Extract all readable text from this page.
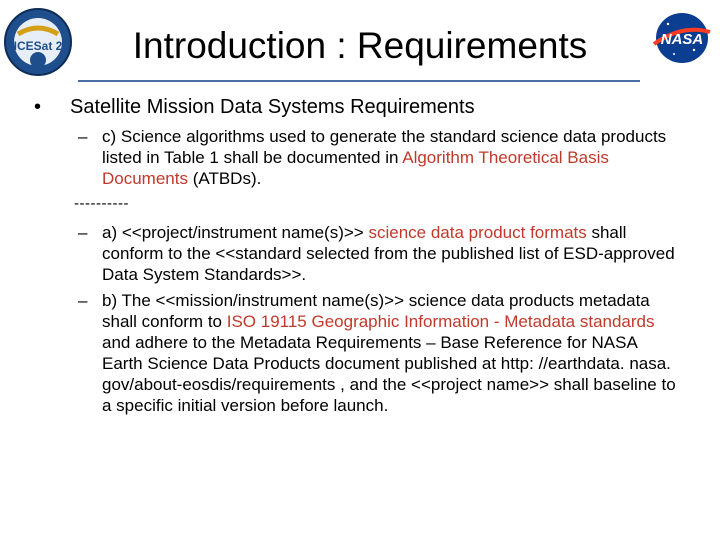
ICESat 2	Introduction : Requirements	NASA
• Satellite Mission Data Systems Requirements
– c) Science algorithms used to generate the standard science data products listed in Table 1 shall be documented in Algorithm Theoretical Basis Documents (ATBDs).
----------
– a) <<project/instrument name(s)>> science data product formats shall conform to the <<standard selected from the published list of ESD-approved Data System Standards>>.
– b) The <<mission/instrument name(s)>> science data products metadata shall conform to ISO 19115 Geographic Information - Metadata standards and adhere to the Metadata Requirements – Base Reference for NASA Earth Science Data Products document published at http: //earthdata. nasa. gov/about-eosdis/requirements , and the <<project name>> shall baseline to a specific initial version before launch.
